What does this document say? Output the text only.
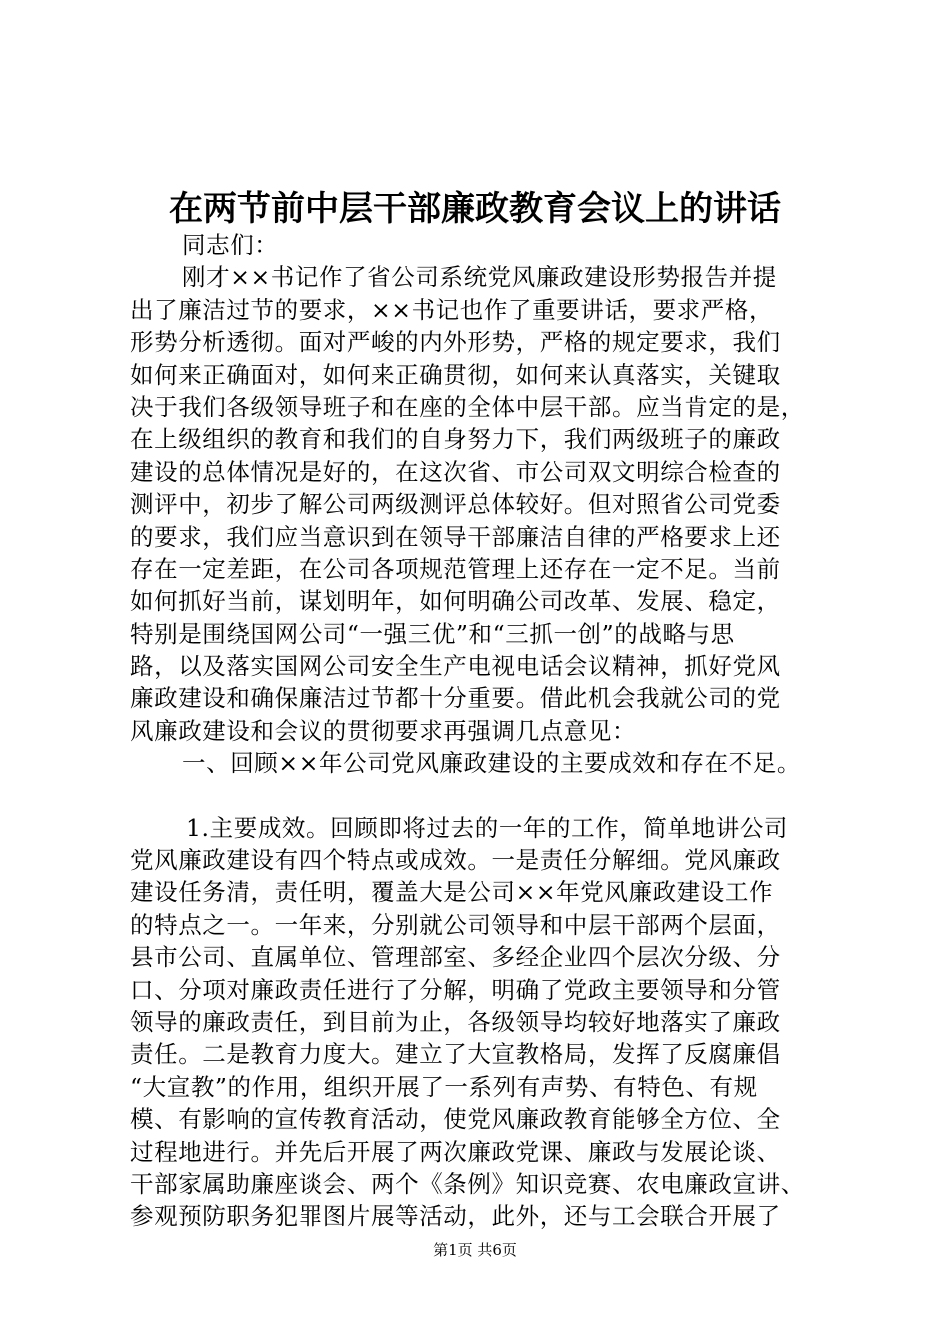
在两节前中层干部廉政教育会议上的讲话
同志们：
刚才××书记作了省公司系统党风廉政建设形势报告并提
出了廉洁过节的要求，××书记也作了重要讲话，要求严格，
形势分析透彻。面对严峻的内外形势，严格的规定要求，我们
如何来正确面对，如何来正确贯彻，如何来认真落实，关键取
决于我们各级领导班子和在座的全体中层干部。应当肯定的是，
在上级组织的教育和我们的自身努力下，我们两级班子的廉政
建设的总体情况是好的，在这次省、市公司双文明综合检查的
测评中，初步了解公司两级测评总体较好。但对照省公司党委
的要求，我们应当意识到在领导干部廉洁自律的严格要求上还
存在一定差距，在公司各项规范管理上还存在一定不足。当前
如何抓好当前，谋划明年，如何明确公司改革、发展、稳定，
特别是围绕国网公司“一强三优”和“三抓一创”的战略与思
路，以及落实国网公司安全生产电视电话会议精神，抓好党风
廉政建设和确保廉洁过节都十分重要。借此机会我就公司的党
风廉政建设和会议的贯彻要求再强调几点意见：
一、回顾××年公司党风廉政建设的主要成效和存在不足。
1.主要成效。回顾即将过去的一年的工作，简单地讲公司
党风廉政建设有四个特点或成效。一是责任分解细。党风廉政
建设任务清，责任明，覆盖大是公司××年党风廉政建设工作
的特点之一。一年来，分别就公司领导和中层干部两个层面，
县市公司、直属单位、管理部室、多经企业四个层次分级、分
口、分项对廉政责任进行了分解，明确了党政主要领导和分管
领导的廉政责任，到目前为止，各级领导均较好地落实了廉政
责任。二是教育力度大。建立了大宣教格局，发挥了反腐廉倡
“大宣教”的作用，组织开展了一系列有声势、有特色、有规
模、有影响的宣传教育活动，使党风廉政教育能够全方位、全
过程地进行。并先后开展了两次廉政党课、廉政与发展论谈、
干部家属助廉座谈会、两个《条例》知识竞赛、农电廉政宣讲、
参观预防职务犯罪图片展等活动，此外，还与工会联合开展了
第1页 共6页
